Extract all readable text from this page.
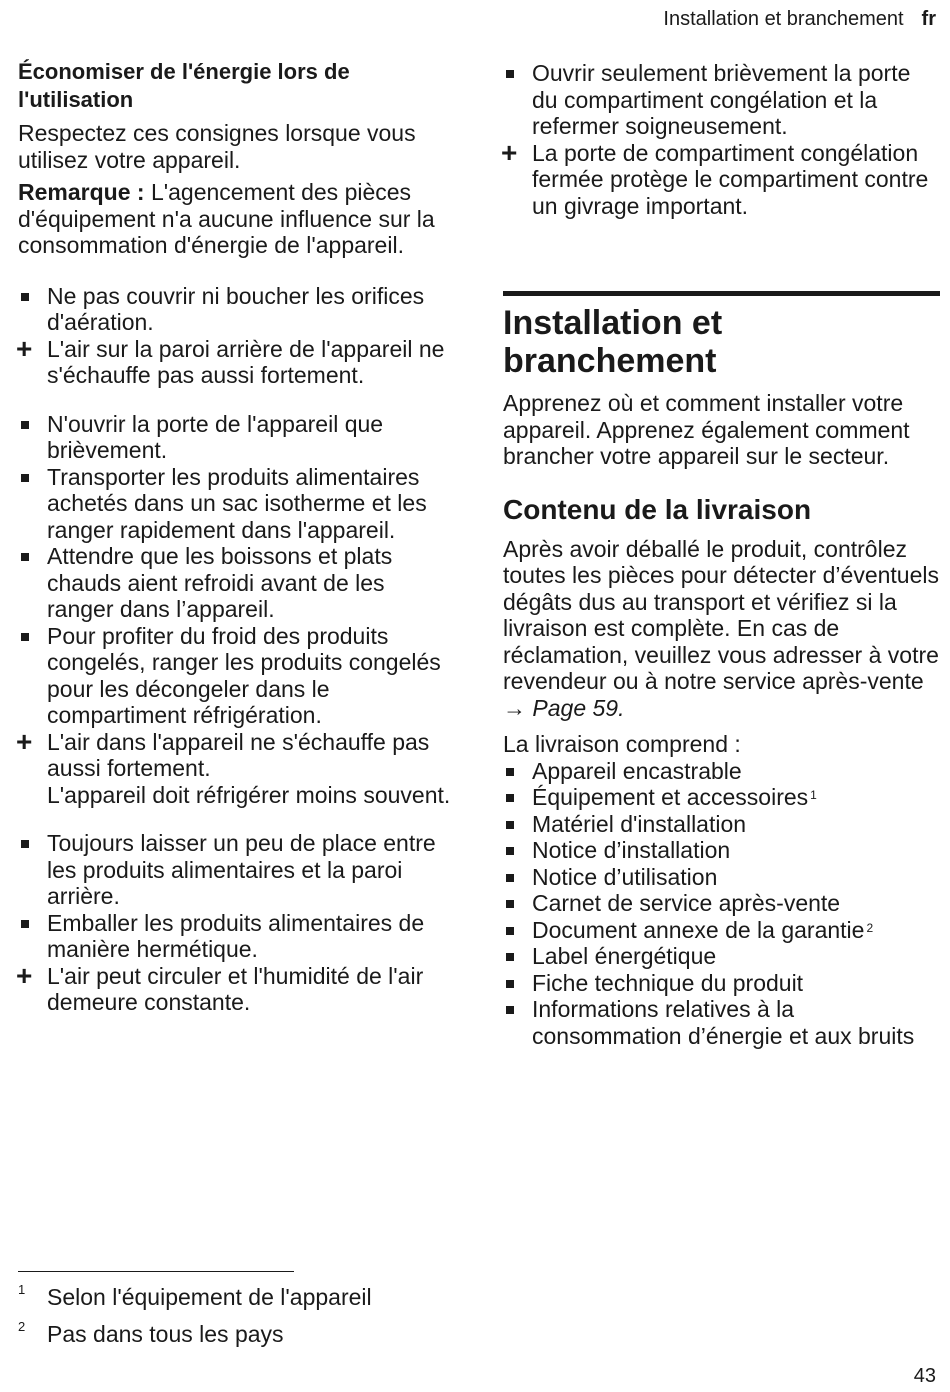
Installation et branchement fr
Économiser de l'énergie lors de
l'utilisation

Respectez ces consignes lorsque vous utilisez votre appareil.

Remarque : L'agencement des pièces d'équipement n'a aucune influence sur la consommation d'énergie de l'appareil.

Ne pas couvrir ni boucher les orifices d'aération.
+ L'air sur la paroi arrière de l'appareil ne s'échauffe pas aussi fortement.
N'ouvrir la porte de l'appareil que brièvement.
Transporter les produits alimentaires achetés dans un sac isotherme et les ranger rapidement dans l'appareil.
Attendre que les boissons et plats chauds aient refroidi avant de les ranger dans l’appareil.
Pour profiter du froid des produits congelés, ranger les produits congelés pour les décongeler dans le compartiment réfrigération.
+ L'air dans l'appareil ne s'échauffe pas aussi fortement.
L'appareil doit réfrigérer moins souvent.
Toujours laisser un peu de place entre les produits alimentaires et la paroi arrière.
Emballer les produits alimentaires de manière hermétique.
+ L'air peut circuler et l'humidité de l'air demeure constante.
Ouvrir seulement brièvement la porte du compartiment congélation et la refermer soigneusement.
+ La porte de compartiment congélation fermée protège le compartiment contre un givrage important.
Installation et branchement

Apprenez où et comment installer votre appareil. Apprenez également comment brancher votre appareil sur le secteur.

Contenu de la livraison

Après avoir déballé le produit, contrôlez toutes les pièces pour détecter d’éventuels dégâts dus au transport et vérifiez si la livraison est complète. En cas de réclamation, veuillez vous adresser à votre revendeur ou à notre service après-vente
→ Page 59.

La livraison comprend :

Appareil encastrable
Équipement et accessoires $^1$
Matériel d'installation
Notice d’installation
Notice d’utilisation
Carnet de service après-vente
Document annexe de la garantie $^2$
Label énergétique
Fiche technique du produit
Informations relatives à la consommation d’énergie et aux bruits
1 Selon l'équipement de l'appareil
2 Pas dans tous les pays
43
